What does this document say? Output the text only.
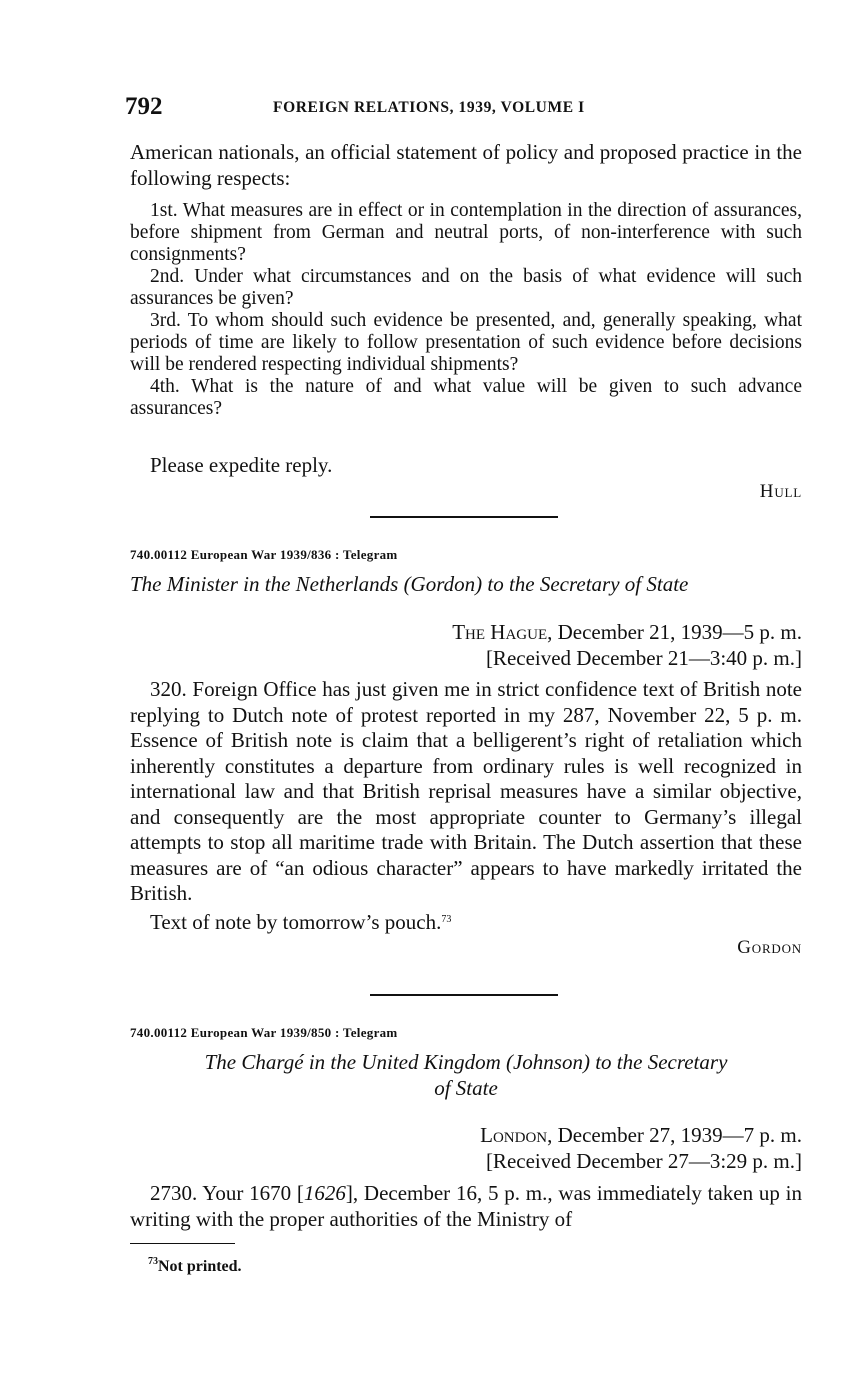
792	FOREIGN RELATIONS, 1939, VOLUME I

American nationals, an official statement of policy and proposed practice in the following respects:

1st. What measures are in effect or in contemplation in the direction of assurances, before shipment from German and neutral ports, of non-interference with such consignments?

2nd. Under what circumstances and on the basis of what evidence will such assurances be given?

3rd. To whom should such evidence be presented, and, generally speaking, what periods of time are likely to follow presentation of such evidence before decisions will be rendered respecting individual shipments?

4th. What is the nature of and what value will be given to such advance assurances?

Please expedite reply.

Hull

740.00112 European War 1939/836 : Telegram
The Minister in the Netherlands (Gordon) to the Secretary of State
The Hague, December 21, 1939—5 p. m.
[Received December 21—3:40 p. m.]

320. Foreign Office has just given me in strict confidence text of British note replying to Dutch note of protest reported in my 287, November 22, 5 p. m. Essence of British note is claim that a belligerent’s right of retaliation which inherently constitutes a departure from ordinary rules is well recognized in international law and that British reprisal measures have a similar objective, and consequently are the most appropriate counter to Germany’s illegal attempts to stop all maritime trade with Britain. The Dutch assertion that these measures are of “an odious character” appears to have markedly irritated the British.

Text of note by tomorrow’s pouch.$^{73}$

Gordon

740.00112 European War 1939/850 : Telegram
The Chargé in the United Kingdom (Johnson) to the Secretary
of State
London, December 27, 1939—7 p. m.
[Received December 27—3:29 p. m.]

2730. Your 1670 [1626], December 16, 5 p. m., was immediately taken up in writing with the proper authorities of the Ministry of

$^{73}$Not printed.
